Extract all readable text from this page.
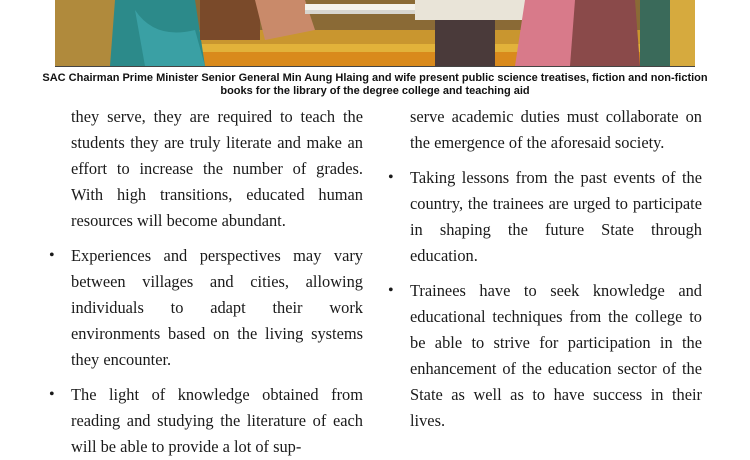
SAC Chairman Prime Minister Senior General Min Aung Hlaing and wife present public science treatises, fiction and non-fiction books for the library of the degree college and teaching aid

they serve, they are required to teach the students they are truly literate and make an effort to increase the number of grades. With high transitions, educated human resources will become abundant.

• Experiences and perspectives may vary between villages and cities, allowing individuals to adapt their work environments based on the living systems they encounter.
• The light of knowledge obtained from reading and studying the literature of each will be able to provide a lot of sup-

serve academic duties must collaborate on the emergence of the aforesaid society.

• Taking lessons from the past events of the country, the trainees are urged to participate in shaping the future State through education.
• Trainees have to seek knowledge and educational techniques from the college to be able to strive for participation in the enhancement of the education sector of the State as well as to have success in their lives.
